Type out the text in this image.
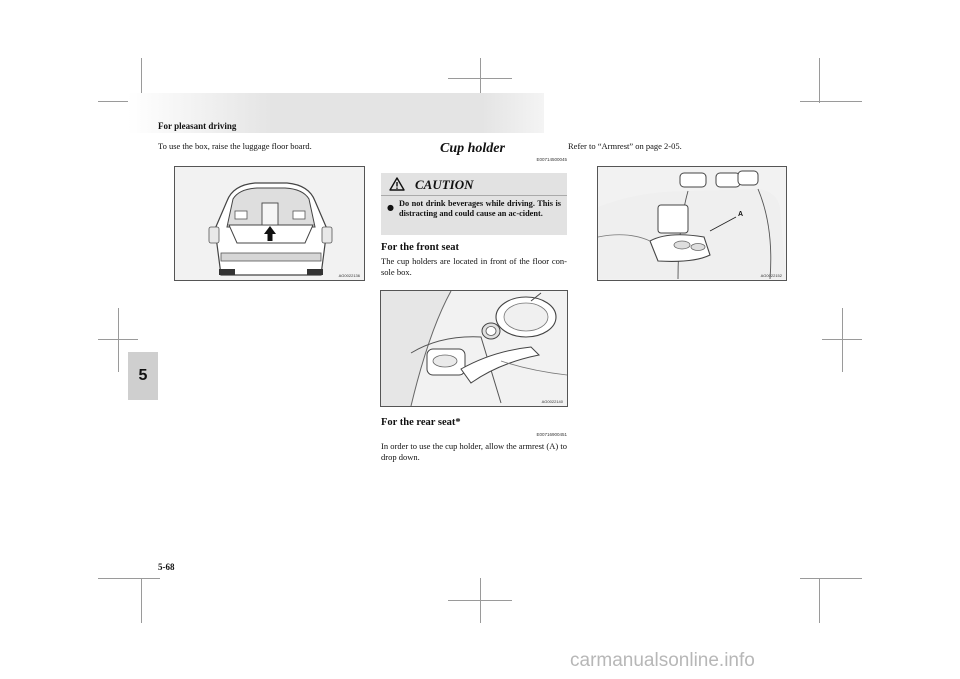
For pleasant driving
5
To use the box, raise the luggage floor board.
AG0022136
Cup holder
E00714500045
CAUTION
● Do not drink beverages while driving. This is distracting and could cause an ac-cident.
For the front seat
The cup holders are located in front of the floor con-sole box.
AG0022140
For the rear seat*
E00716900451
In order to use the cup holder, allow the armrest (A) to drop down.
Refer to “Armrest” on page 2-05.
A
AG0022152
5-68
carmanualsonline.info
